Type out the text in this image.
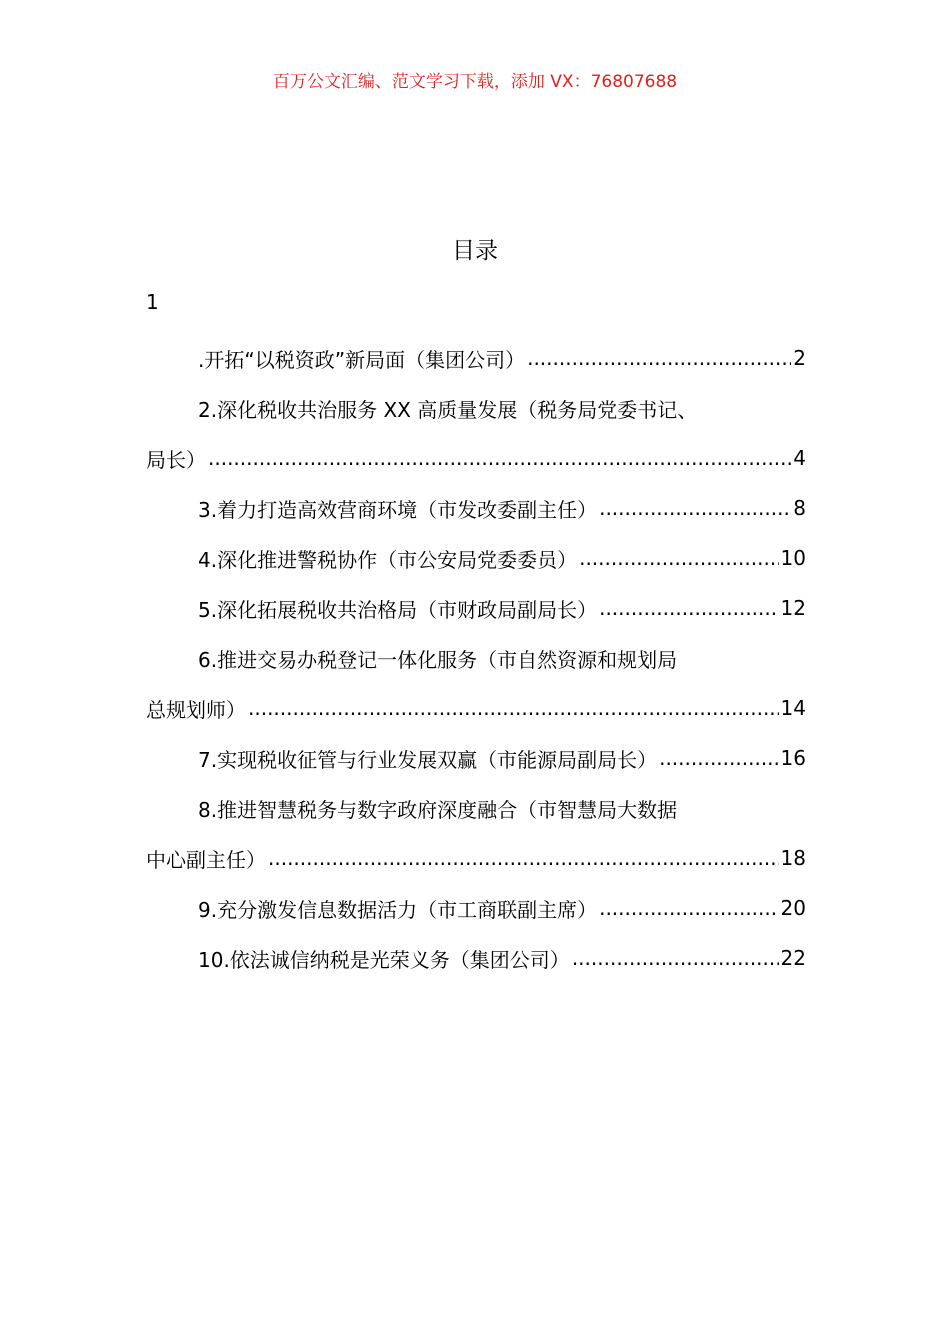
百万公文汇编、范文学习下载，添加 VX：76807688
目录
1
.开拓“以税资政”新局面（集团公司） .....	2
2.深化税收共治服务 XX 高质量发展（税务局党委书记、
局长） .....	4
3.着力打造高效营商环境（市发改委副主任） .....	8
4.深化推进警税协作（市公安局党委委员） .....	10
5.深化拓展税收共治格局（市财政局副局长） .....	12
6.推进交易办税登记一体化服务（市自然资源和规划局
总规划师） .....	14
7.实现税收征管与行业发展双赢（市能源局副局长） .....	16
8.推进智慧税务与数字政府深度融合（市智慧局大数据
中心副主任） .....	18
9.充分激发信息数据活力（市工商联副主席） .....	20
10.依法诚信纳税是光荣义务（集团公司） .....	22
